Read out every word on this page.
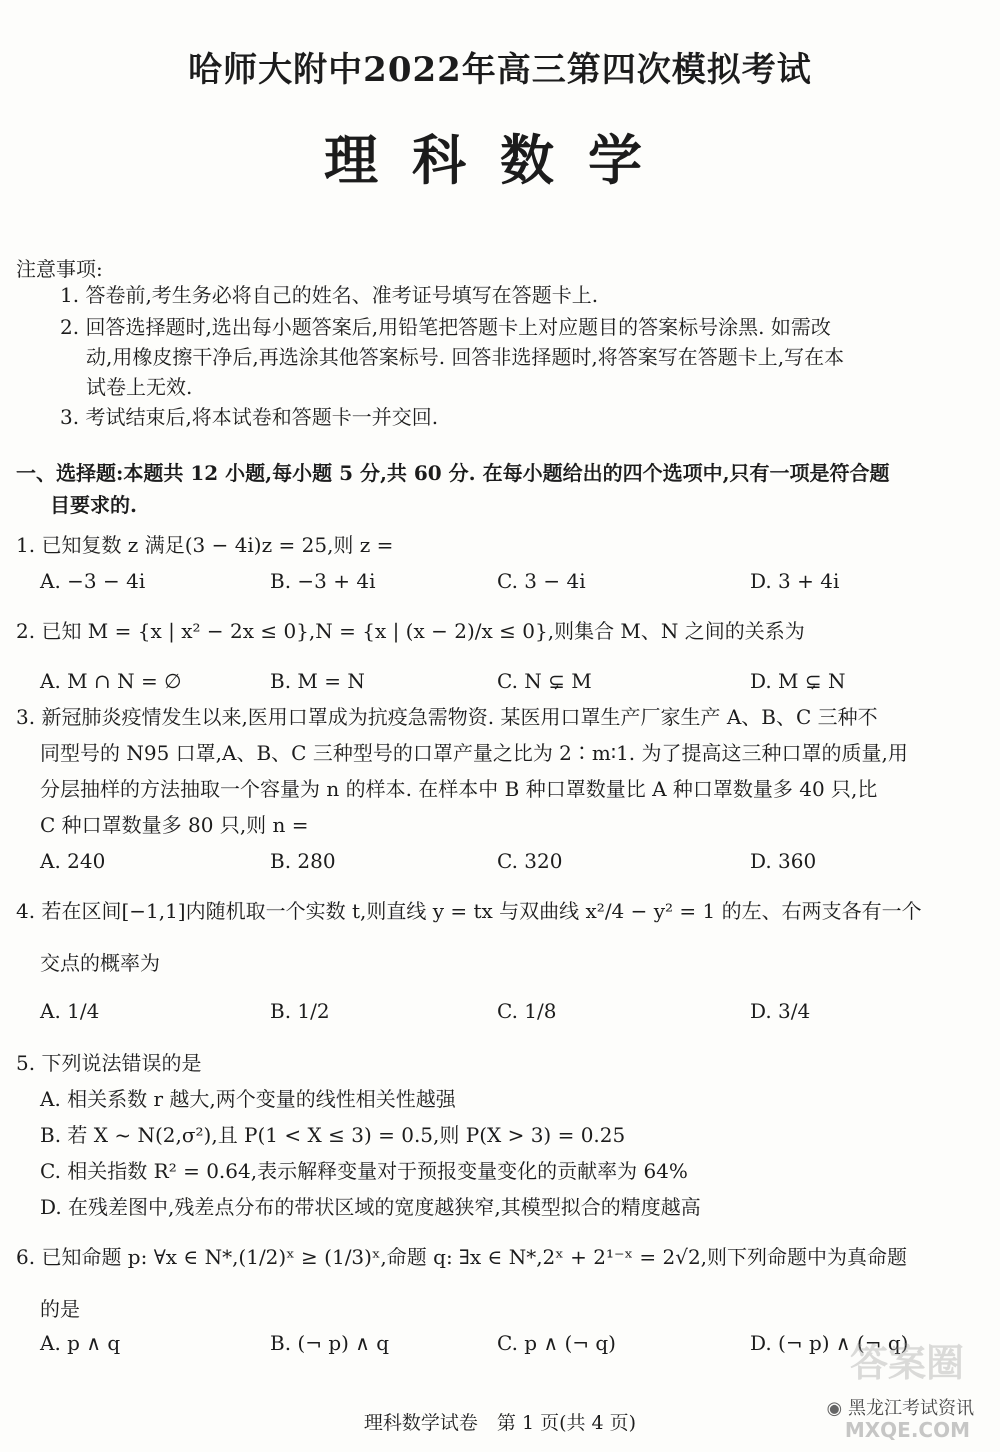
哈师大附中2022年高三第四次模拟考试
理科数学
注意事项:
1. 答卷前,考生务必将自己的姓名、准考证号填写在答题卡上.
2. 回答选择题时,选出每小题答案后,用铅笔把答题卡上对应题目的答案标号涂黑. 如需改
动,用橡皮擦干净后,再选涂其他答案标号. 回答非选择题时,将答案写在答题卡上,写在本
试卷上无效.
3. 考试结束后,将本试卷和答题卡一并交回.
一、选择题:本题共 12 小题,每小题 5 分,共 60 分. 在每小题给出的四个选项中,只有一项是符合题
目要求的.
1. 已知复数 z 满足(3 − 4i)z = 25,则 z =
A. −3 − 4i	B. −3 + 4i	C. 3 − 4i	D. 3 + 4i
2. 已知 M = {x | x² − 2x ≤ 0},N = {x | (x − 2)/x ≤ 0},则集合 M、N 之间的关系为
A. M ∩ N = ∅	B. M = N	C. N ⊊ M	D. M ⊊ N
3. 新冠肺炎疫情发生以来,医用口罩成为抗疫急需物资. 某医用口罩生产厂家生产 A、B、C 三种不
同型号的 N95 口罩,A、B、C 三种型号的口罩产量之比为 2∶m∶1. 为了提高这三种口罩的质量,用
分层抽样的方法抽取一个容量为 n 的样本. 在样本中 B 种口罩数量比 A 种口罩数量多 40 只,比
C 种口罩数量多 80 只,则 n =
A. 240	B. 280	C. 320	D. 360
4. 若在区间[−1,1]内随机取一个实数 t,则直线 y = tx 与双曲线 x²/4 − y² = 1 的左、右两支各有一个
交点的概率为
A. 1/4	B. 1/2	C. 1/8	D. 3/4
5. 下列说法错误的是
A. 相关系数 r 越大,两个变量的线性相关性越强
B. 若 X ~ N(2,σ²),且 P(1 < X ≤ 3) = 0.5,则 P(X > 3) = 0.25
C. 相关指数 R² = 0.64,表示解释变量对于预报变量变化的贡献率为 64%
D. 在残差图中,残差点分布的带状区域的宽度越狭窄,其模型拟合的精度越高
6. 已知命题 p: ∀x ∈ N*,(1/2)ˣ ≥ (1/3)ˣ,命题 q: ∃x ∈ N*,2ˣ + 2¹⁻ˣ = 2√2,则下列命题中为真命题
的是
A. p ∧ q	B. (¬ p) ∧ q	C. p ∧ (¬ q)	D. (¬ p) ∧ (¬ q)
理科数学试卷　第 1 页(共 4 页)
答案圈
◉ 黑龙江考试资讯
MXQE.COM
